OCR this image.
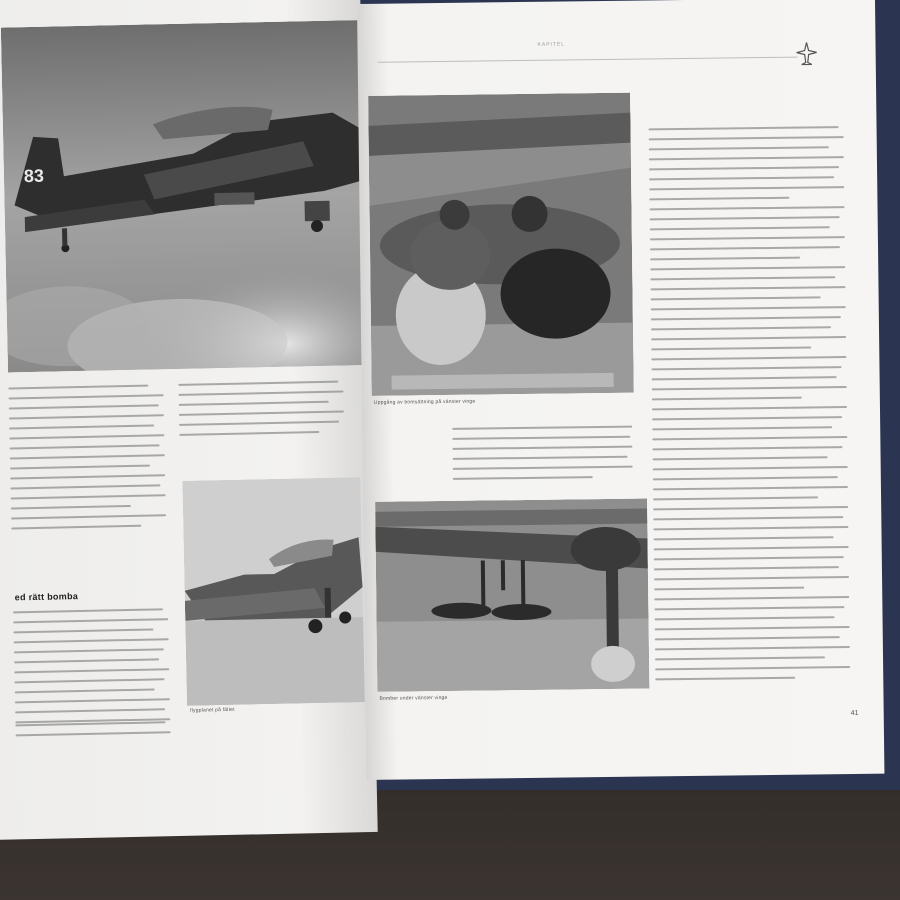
83
ed rätt bomba
flygplanet på fältet
KAPITEL
Uppgång av bomsättning på vänster vinge
Bomber under vänster vinge
41
